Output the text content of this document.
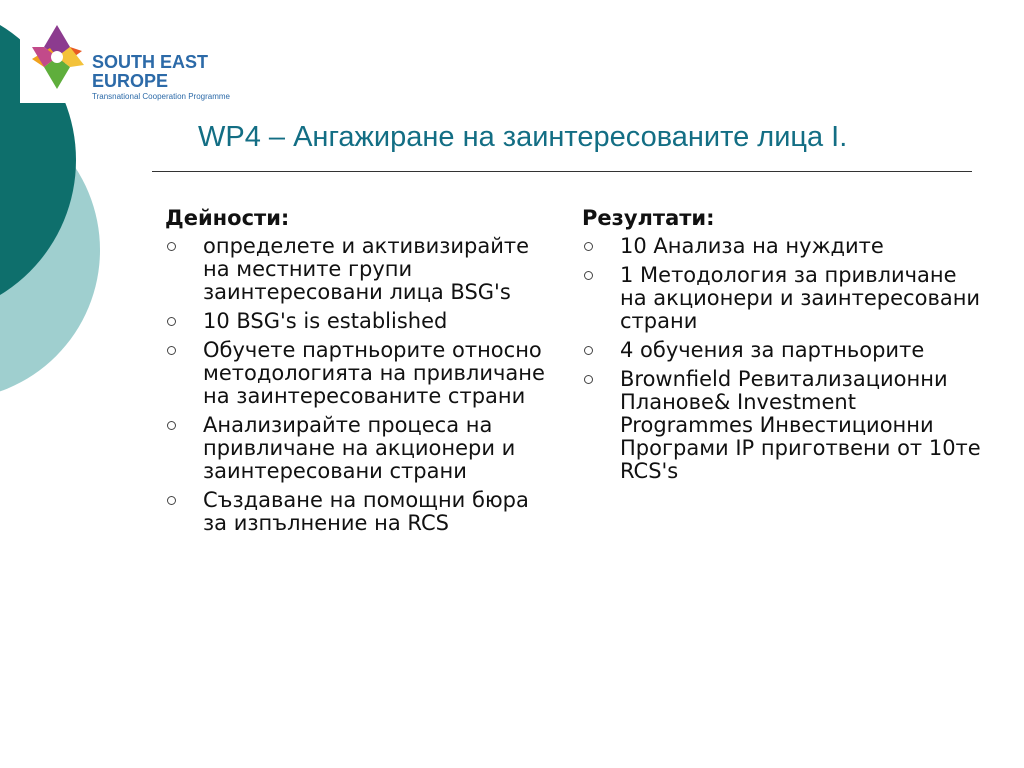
SOUTH EAST
EUROPE
Transnational Cooperation Programme
WP4 – Ангажиране на заинтересованите лица I.
Дейности:
определете и активизирайте на местните групи заинтересовани лица BSG's
10 BSG's is established
Обучете партньорите относно методологията на привличане на заинтересованите страни
Анализирайте процеса на привличане на акционери и заинтересовани страни
Създаване на помощни бюра за изпълнение на RCS
Резултати:
10 Анализа на нуждите
1 Методология за привличане на акционери и заинтересовани страни
4 обучения за партньорите
Brownfield Ревитализационни Планове& Investment Programmes Инвестиционни Програми IP приготвени от 10те RCS's
